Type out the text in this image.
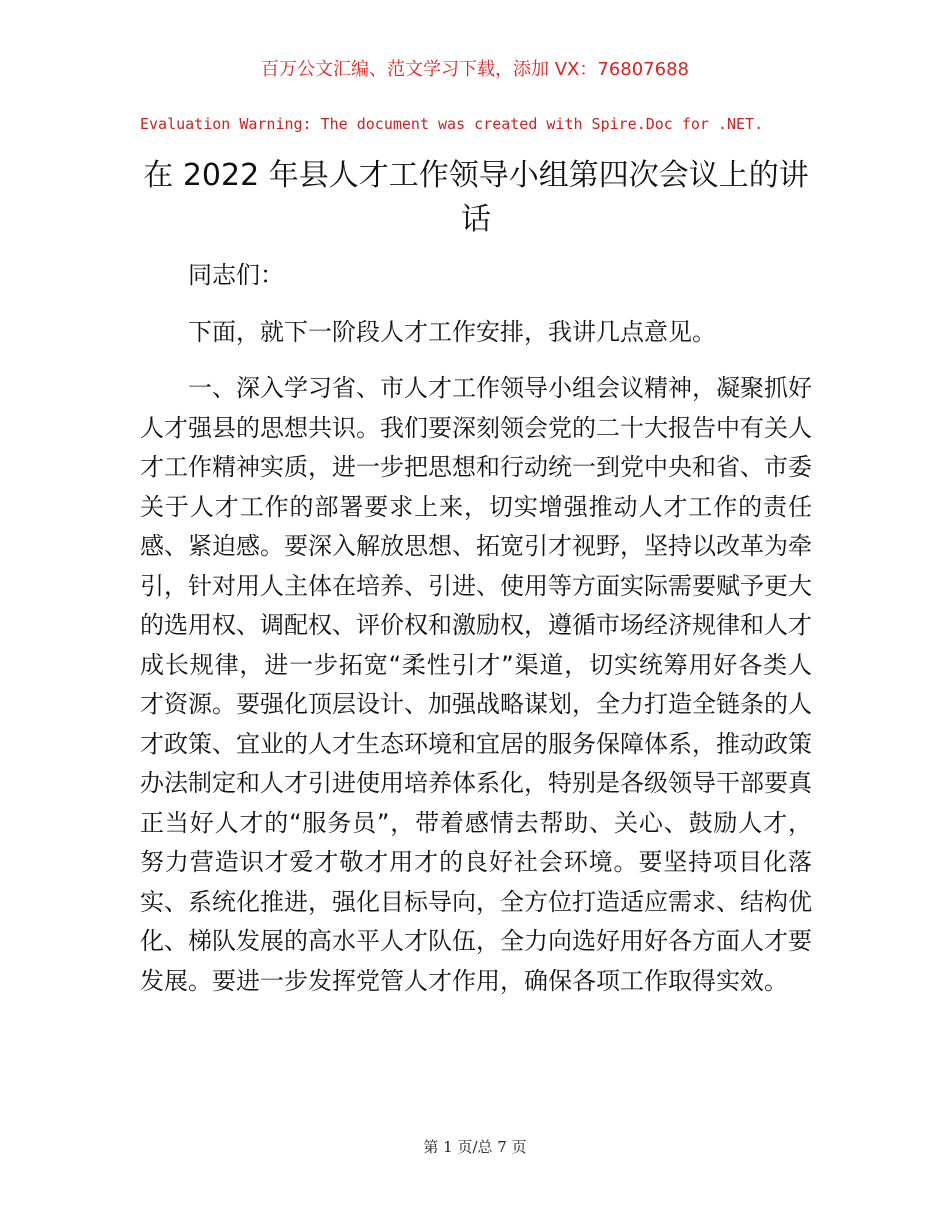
百万公文汇编、范文学习下载，添加 VX：76807688
Evaluation Warning: The document was created with Spire.Doc for .NET.
在 2022 年县人才工作领导小组第四次会议上的讲话

同志们：

下面，就下一阶段人才工作安排，我讲几点意见。

一、深入学习省、市人才工作领导小组会议精神，凝聚抓好人才强县的思想共识。我们要深刻领会党的二十大报告中有关人才工作精神实质，进一步把思想和行动统一到党中央和省、市委关于人才工作的部署要求上来，切实增强推动人才工作的责任感、紧迫感。要深入解放思想、拓宽引才视野，坚持以改革为牵引，针对用人主体在培养、引进、使用等方面实际需要赋予更大的选用权、调配权、评价权和激励权，遵循市场经济规律和人才成长规律，进一步拓宽“柔性引才”渠道，切实统筹用好各类人才资源。要强化顶层设计、加强战略谋划，全力打造全链条的人才政策、宜业的人才生态环境和宜居的服务保障体系，推动政策办法制定和人才引进使用培养体系化，特别是各级领导干部要真正当好人才的“服务员”，带着感情去帮助、关心、鼓励人才，努力营造识才爱才敬才用才的良好社会环境。要坚持项目化落实、系统化推进，强化目标导向，全方位打造适应需求、结构优化、梯队发展的高水平人才队伍，全力向选好用好各方面人才要发展。要进一步发挥党管人才作用，确保各项工作取得实效。

第 1 页/总 7 页
